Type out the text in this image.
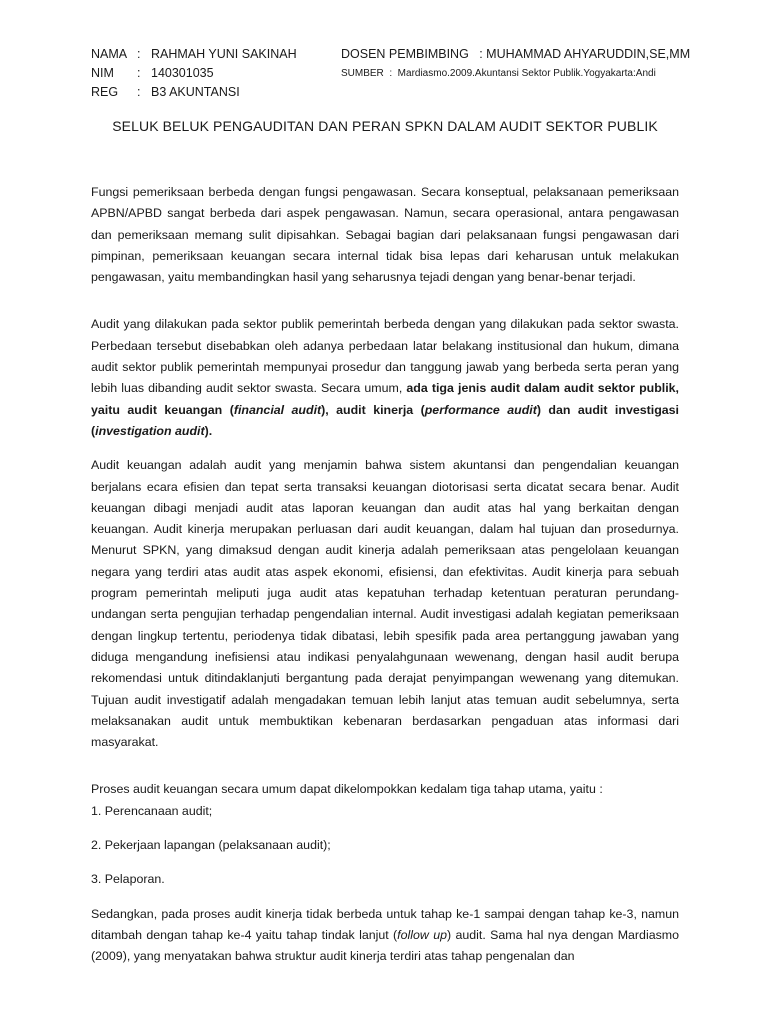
NAMA : RAHMAH YUNI SAKINAH
NIM	: 140301035
REG	: B3 AKUNTANSI
DOSEN PEMBIMBING   : MUHAMMAD AHYARUDDIN,SE,MM
SUMBER  :  Mardiasmo.2009.Akuntansi Sektor Publik.Yogyakarta:Andi
SELUK BELUK PENGAUDITAN DAN PERAN SPKN DALAM AUDIT SEKTOR PUBLIK

Fungsi pemeriksaan berbeda dengan fungsi pengawasan. Secara konseptual, pelaksanaan pemeriksaan APBN/APBD sangat berbeda dari aspek pengawasan. Namun, secara operasional, antara pengawasan dan pemeriksaan memang sulit dipisahkan. Sebagai bagian dari pelaksanaan fungsi pengawasan dari pimpinan, pemeriksaan keuangan secara internal tidak bisa lepas dari keharusan untuk melakukan pengawasan, yaitu membandingkan hasil yang seharusnya tejadi dengan yang benar-benar terjadi.

Audit yang dilakukan pada sektor publik pemerintah berbeda dengan yang dilakukan pada sektor swasta. Perbedaan tersebut disebabkan oleh adanya perbedaan latar belakang institusional dan hukum, dimana audit sektor publik pemerintah mempunyai prosedur dan tanggung jawab yang berbeda serta peran yang lebih luas dibanding audit sektor swasta. Secara umum, ada tiga jenis audit dalam audit sektor publik, yaitu audit keuangan (financial audit), audit kinerja (performance audit) dan audit investigasi (investigation audit).

Audit keuangan adalah audit yang menjamin bahwa sistem akuntansi dan pengendalian keuangan berjalans ecara efisien dan tepat serta transaksi keuangan diotorisasi serta dicatat secara benar. Audit keuangan dibagi menjadi audit atas laporan keuangan dan audit atas hal yang berkaitan dengan keuangan. Audit kinerja merupakan perluasan dari audit keuangan, dalam hal tujuan dan prosedurnya. Menurut SPKN, yang dimaksud dengan audit kinerja adalah pemeriksaan atas pengelolaan keuangan negara yang terdiri atas audit atas aspek ekonomi, efisiensi, dan efektivitas. Audit kinerja para sebuah program pemerintah meliputi juga audit atas kepatuhan terhadap ketentuan peraturan perundang-undangan serta pengujian terhadap pengendalian internal. Audit investigasi adalah kegiatan pemeriksaan dengan lingkup tertentu, periodenya tidak dibatasi, lebih spesifik pada area pertanggung jawaban yang diduga mengandung inefisiensi atau indikasi penyalahgunaan wewenang, dengan hasil audit berupa rekomendasi untuk ditindaklanjuti bergantung pada derajat penyimpangan wewenang yang ditemukan. Tujuan audit investigatif adalah mengadakan temuan lebih lanjut atas temuan audit sebelumnya, serta melaksanakan audit untuk membuktikan kebenaran berdasarkan pengaduan atas informasi dari masyarakat.

Proses audit keuangan secara umum dapat dikelompokkan kedalam tiga tahap utama, yaitu :
1. Perencanaan audit;

2. Pekerjaan lapangan (pelaksanaan audit);

3. Pelaporan.

Sedangkan, pada proses audit kinerja tidak berbeda untuk tahap ke-1 sampai dengan tahap ke-3, namun ditambah dengan tahap ke-4 yaitu tahap tindak lanjut (follow up) audit. Sama hal nya dengan Mardiasmo (2009), yang menyatakan bahwa struktur audit kinerja terdiri atas tahap pengenalan dan
